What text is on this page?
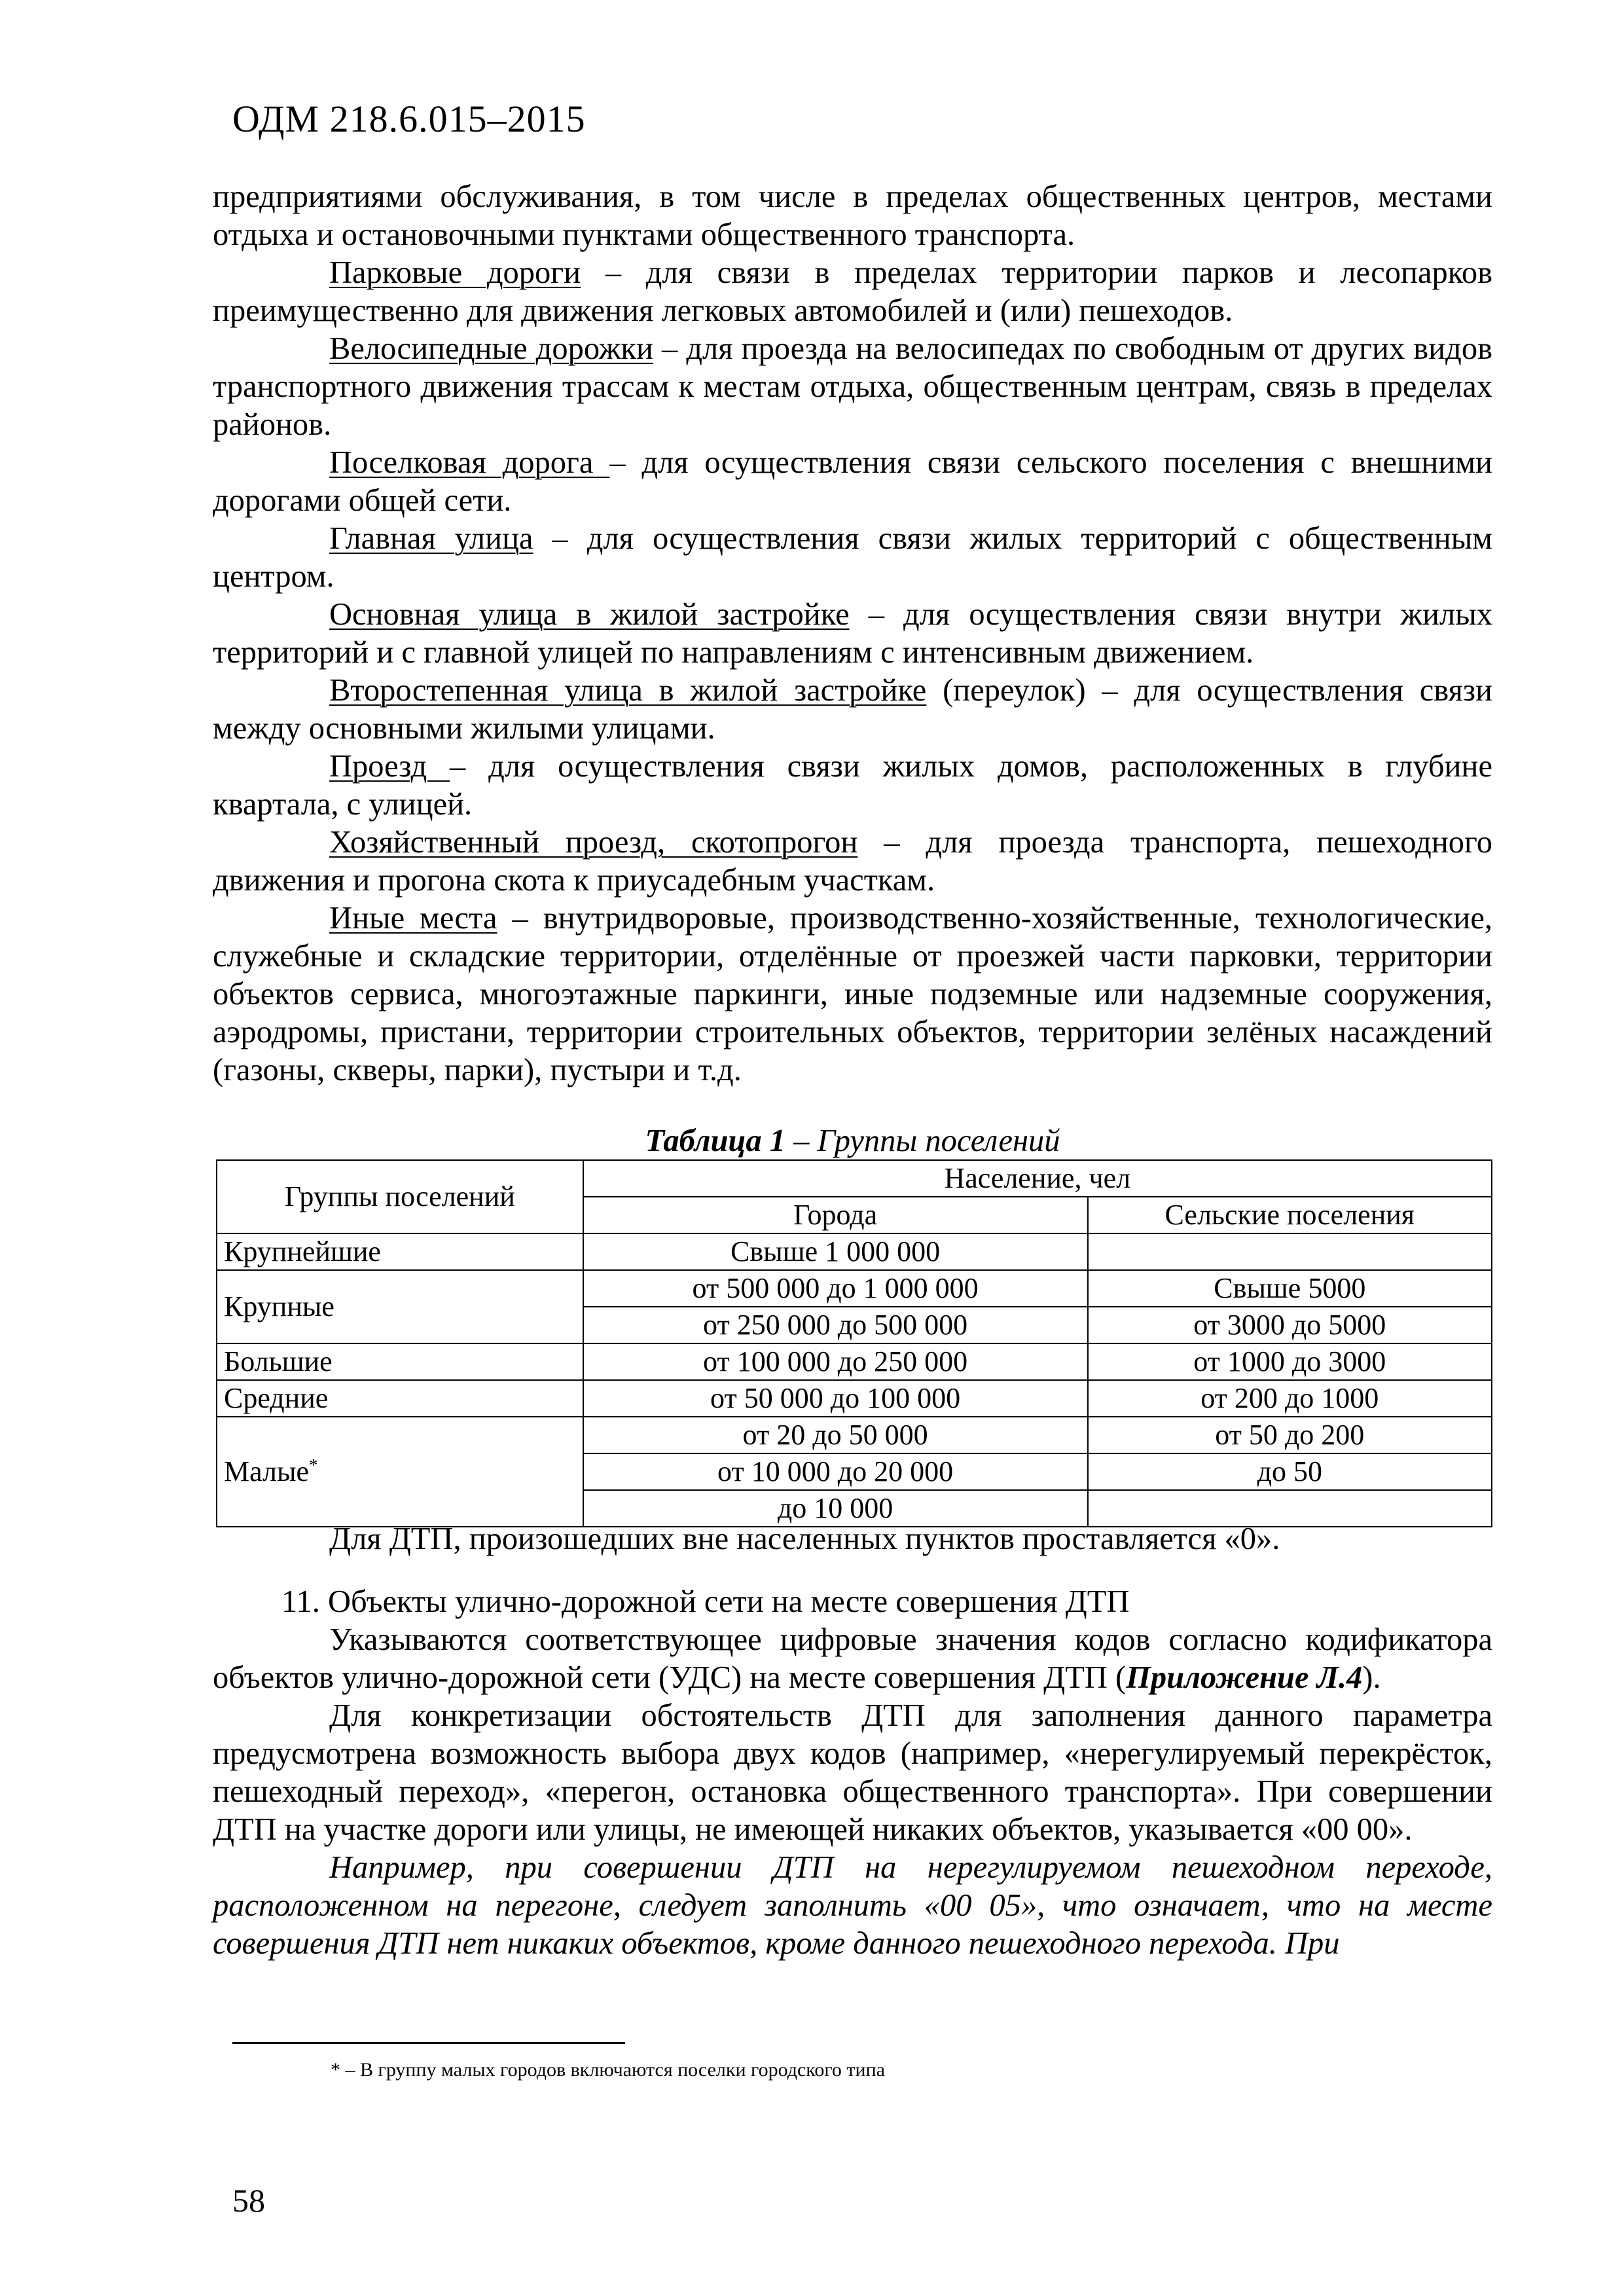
ОДМ 218.6.015–2015

предприятиями обслуживания, в том числе в пределах общественных центров, местами отдыха и остановочными пунктами общественного транспорта.

Парковые дороги – для связи в пределах территории парков и лесопарков преимущественно для движения легковых автомобилей и (или) пешеходов.

Велосипедные дорожки – для проезда на велосипедах по свободным от других видов транспортного движения трассам к местам отдыха, общественным центрам, связь в пределах районов.

Поселковая дорога – для осуществления связи сельского поселения с внешними дорогами общей сети.

Главная улица – для осуществления связи жилых территорий с общественным центром.

Основная улица в жилой застройке – для осуществления связи внутри жилых территорий и с главной улицей по направлениям с интенсивным движением.

Второстепенная улица в жилой застройке (переулок) – для осуществления связи между основными жилыми улицами.

Проезд – для осуществления связи жилых домов, расположенных в глубине квартала, с улицей.

Хозяйственный проезд, скотопрогон – для проезда транспорта, пешеходного движения и прогона скота к приусадебным участкам.

Иные места – внутридворовые, производственно-хозяйственные, технологические, служебные и складские территории, отделённые от проезжей части парковки, территории объектов сервиса, многоэтажные паркинги, иные подземные или надземные сооружения, аэродромы, пристани, территории строительных объектов, территории зелёных насаждений (газоны, скверы, парки), пустыри и т.д.

Таблица 1 – Группы поселений
Группы поселений	Население, чел	
	Города	Сельские поселения
Крупнейшие	Свыше 1 000 000	
Крупные	от 500 000 до 1 000 000	Свыше 5000
	от 250 000 до 500 000	от 3000 до 5000
Большие	от 100 000 до 250 000	от 1000 до 3000
Средние	от 50 000 до 100 000	от 200 до 1000
Малые*	от 20 до 50 000	от 50 до 200
	от 10 000 до 20 000	до 50
	до 10 000	

Для ДТП, произошедших вне населенных пунктов проставляется «0».

11. Объекты улично-дорожной сети на месте совершения ДТП

Указываются соответствующее цифровые значения кодов согласно кодификатора объектов улично-дорожной сети (УДС) на месте совершения ДТП (Приложение Л.4).

Для конкретизации обстоятельств ДТП для заполнения данного параметра предусмотрена возможность выбора двух кодов (например, «нерегулируемый перекрёсток, пешеходный переход», «перегон, остановка общественного транспорта». При совершении ДТП на участке дороги или улицы, не имеющей никаких объектов, указывается «00 00».

Например, при совершении ДТП на нерегулируемом пешеходном переходе, расположенном на перегоне, следует заполнить «00 05», что означает, что на месте совершения ДТП нет никаких объектов, кроме данного пешеходного перехода. При

* – В группу малых городов включаются поселки городского типа
58
